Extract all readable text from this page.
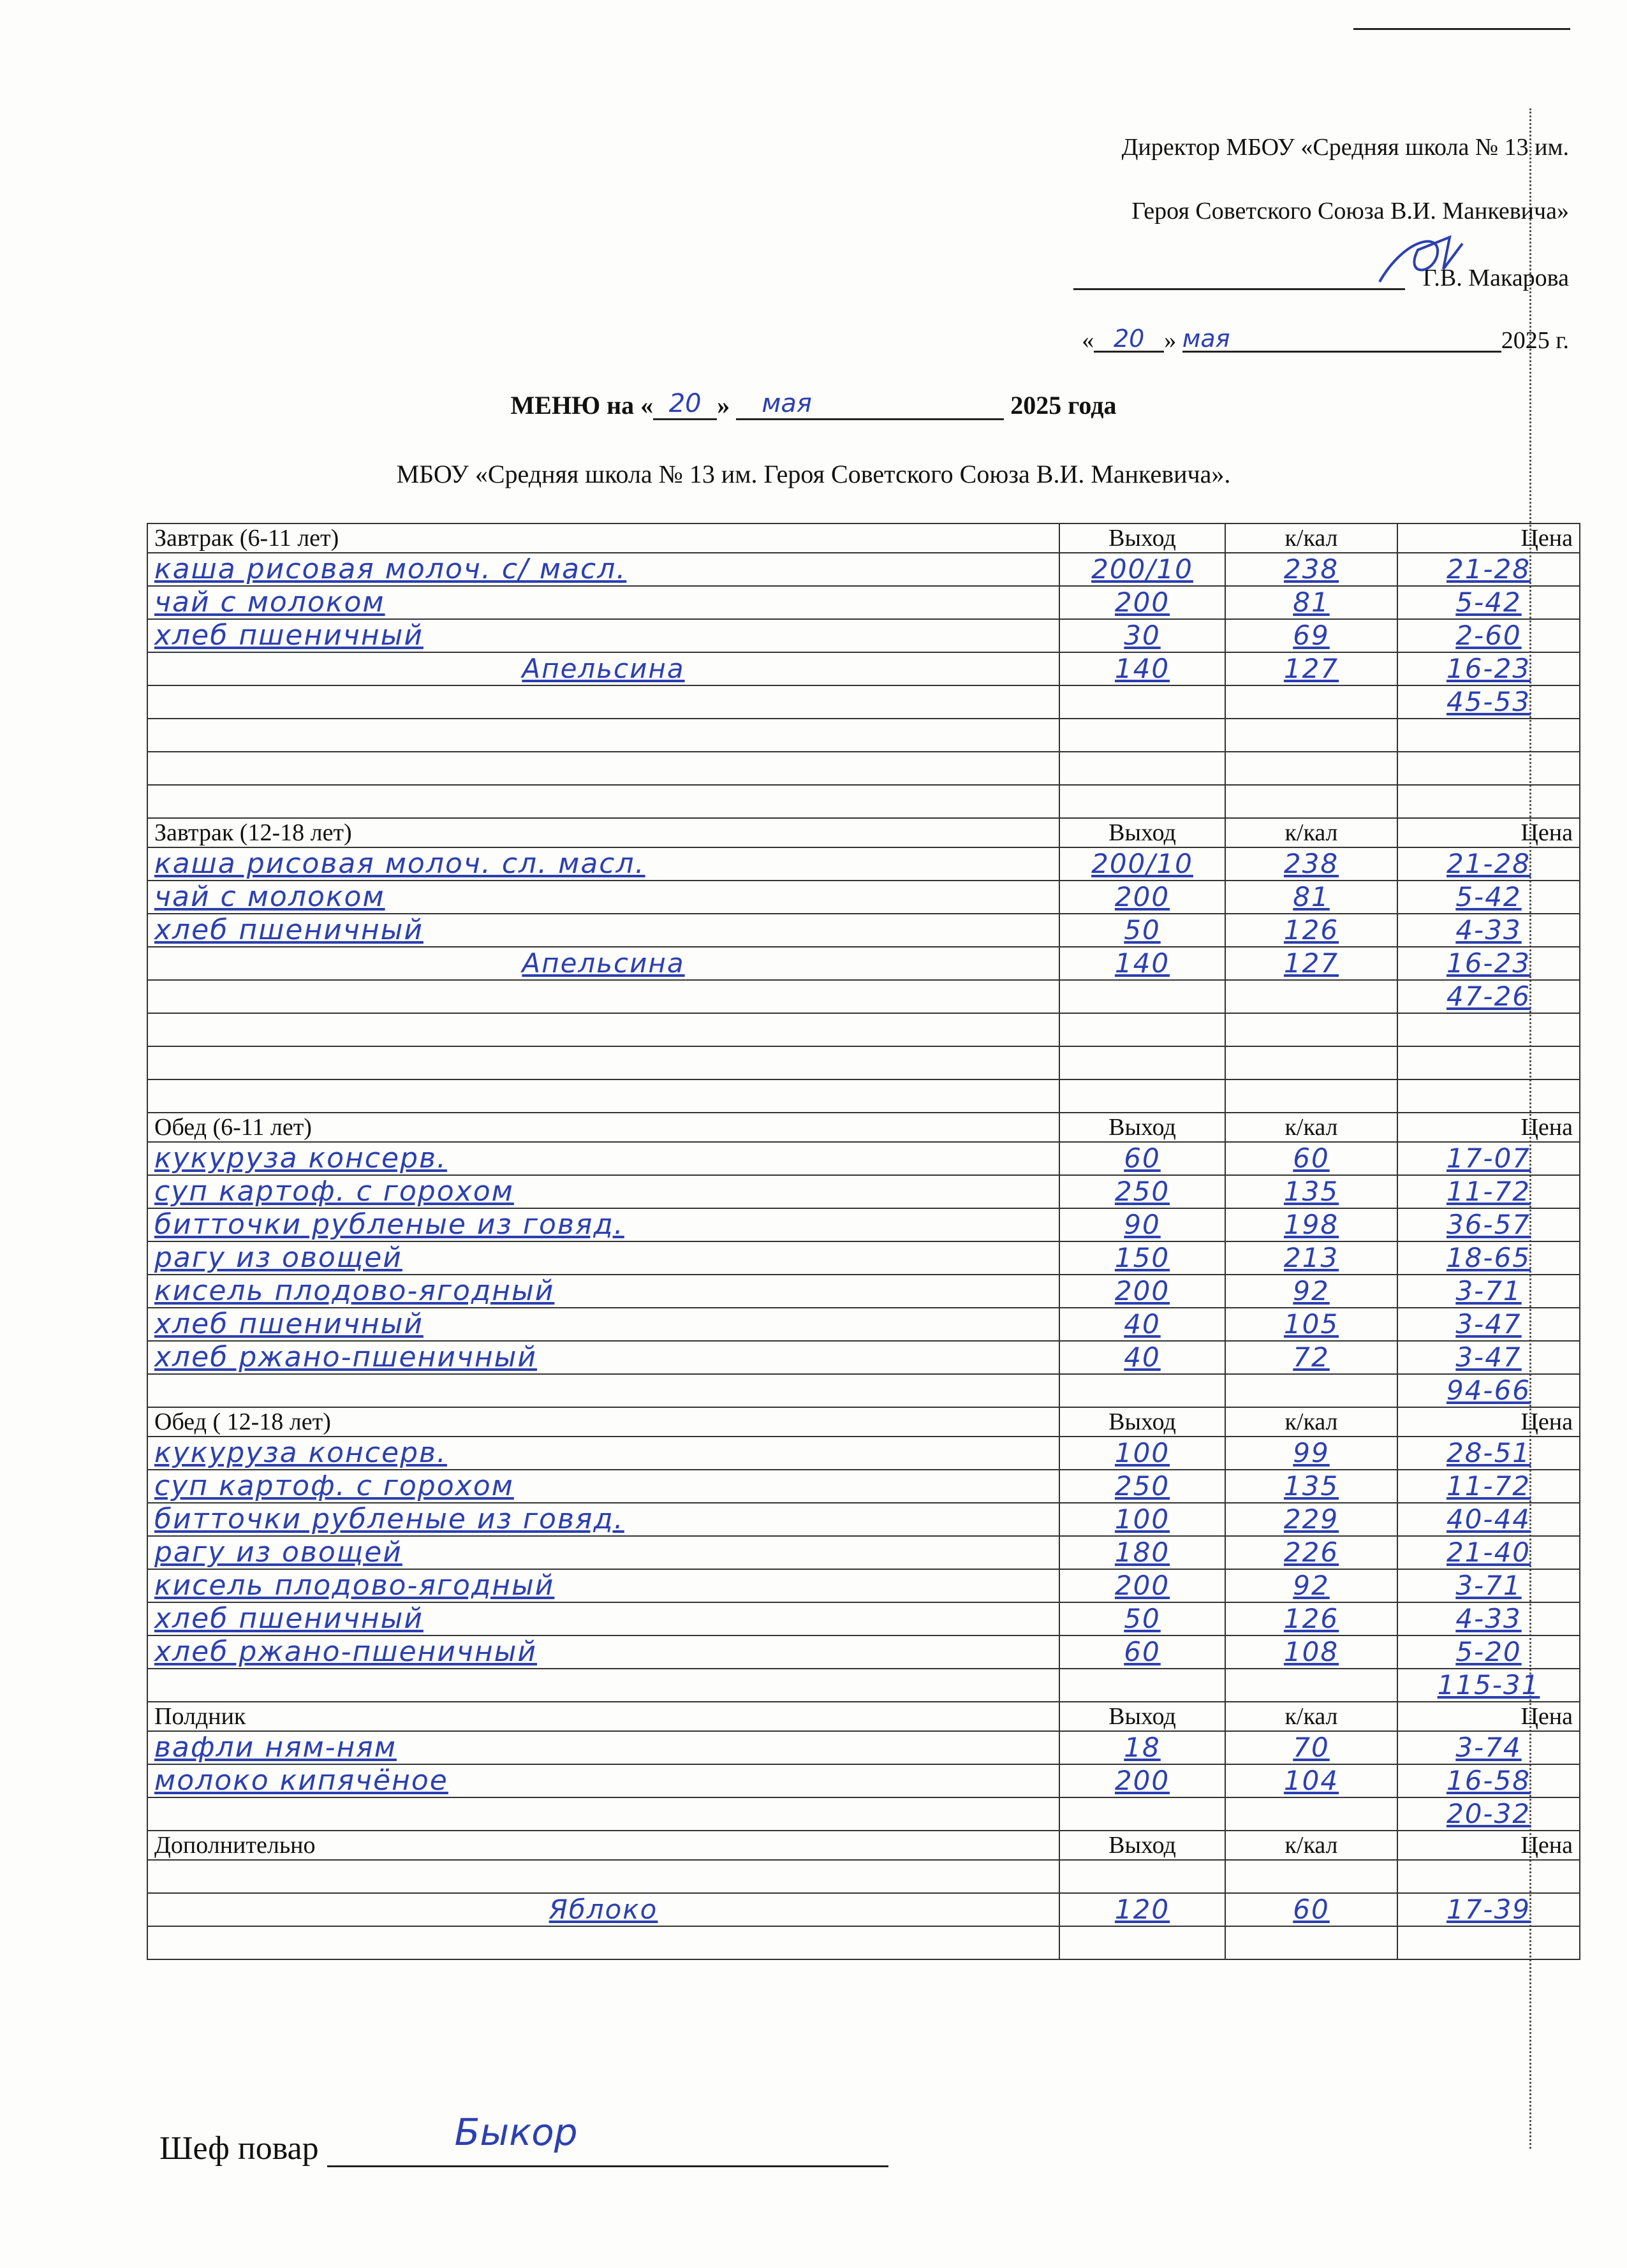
Директор МБОУ «Средняя школа № 13 им.
Героя Советского Союза В.И. Манкевича»
Г.В. Макарова
« 20 » мая	2025 г.
МЕНЮ на « 20 » мая	2025 года
МБОУ «Средняя школа № 13 им. Героя Советского Союза В.И. Манкевича».
Завтрак (6-11 лет)	Выход	к/кал	Цена
каша рисовая молоч. с/ масл.	200/10	238	21-28
чай с молоком	200	81	5-42
хлеб пшеничный	30	69	2-60
Апельсина	140	127	16-23
			45-53

Завтрак (12-18 лет)	Выход	к/кал	Цена
каша рисовая молоч. сл. масл.	200/10	238	21-28
чай с молоком	200	81	5-42
хлеб пшеничный	50	126	4-33
Апельсина	140	127	16-23
			47-26

Обед (6-11 лет)	Выход	к/кал	Цена
кукуруза консерв.	60	60	17-07
суп картоф. с горохом	250	135	11-72
битточки рубленые из говяд.	90	198	36-57
рагу из овощей	150	213	18-65
кисель плодово-ягодный	200	92	3-71
хлеб пшеничный	40	105	3-47
хлеб ржано-пшеничный	40	72	3-47
			94-66
Обед ( 12-18 лет)	Выход	к/кал	Цена
кукуруза консерв.	100	99	28-51
суп картоф. с горохом	250	135	11-72
битточки рубленые из говяд.	100	229	40-44
рагу из овощей	180	226	21-40
кисель плодово-ягодный	200	92	3-71
хлеб пшеничный	50	126	4-33
хлеб ржано-пшеничный	60	108	5-20
			115-31
Полдник	Выход	к/кал	Цена
вафли ням-ням	18	70	3-74
молоко кипячёное	200	104	16-58
			20-32
Дополнительно	Выход	к/кал	Цена

Яблоко	120	60	17-39

Шеф повар	Быкор
